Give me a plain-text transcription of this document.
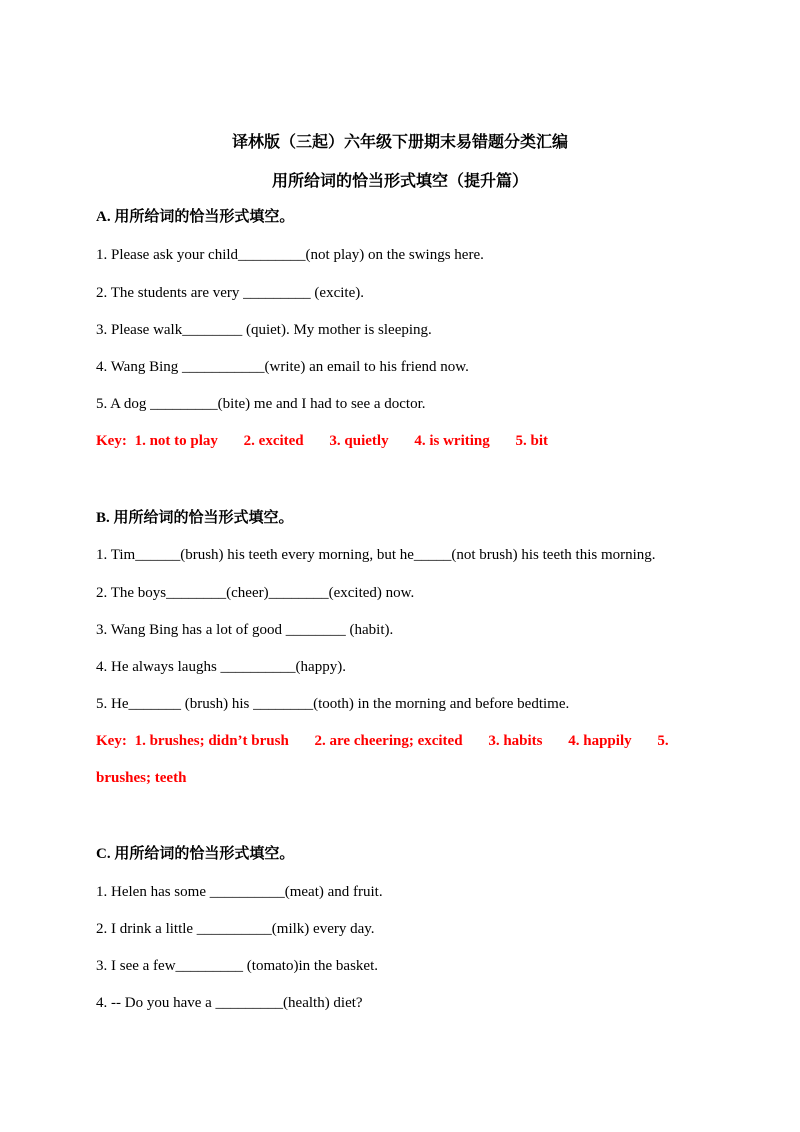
译林版（三起）六年级下册期末易错题分类汇编
用所给词的恰当形式填空（提升篇）
A. 用所给词的恰当形式填空。
1. Please ask your child_________(not play) on the swings here.
2. The students are very _________ (excite).
3. Please walk________ (quiet). My mother is sleeping.
4. Wang Bing ___________(write) an email to his friend now.
5. A dog _________(bite) me and I had to see a doctor.
Key: 1. not to play 2. excited 3. quietly 4. is writing 5. bit
B. 用所给词的恰当形式填空。
1. Tim______(brush) his teeth every morning, but he_____(not brush) his teeth this morning.
2. The boys________(cheer)________(excited) now.
3. Wang Bing has a lot of good ________ (habit).
4. He always laughs __________(happy).
5. He_______ (brush) his ________(tooth) in the morning and before bedtime.
Key: 1. brushes; didn’t brush 2. are cheering; excited 3. habits 4. happily 5.
brushes; teeth
C. 用所给词的恰当形式填空。
1. Helen has some __________(meat) and fruit.
2. I drink a little __________(milk) every day.
3. I see a few_________ (tomato)in the basket.
4. -- Do you have a _________(health) diet?
